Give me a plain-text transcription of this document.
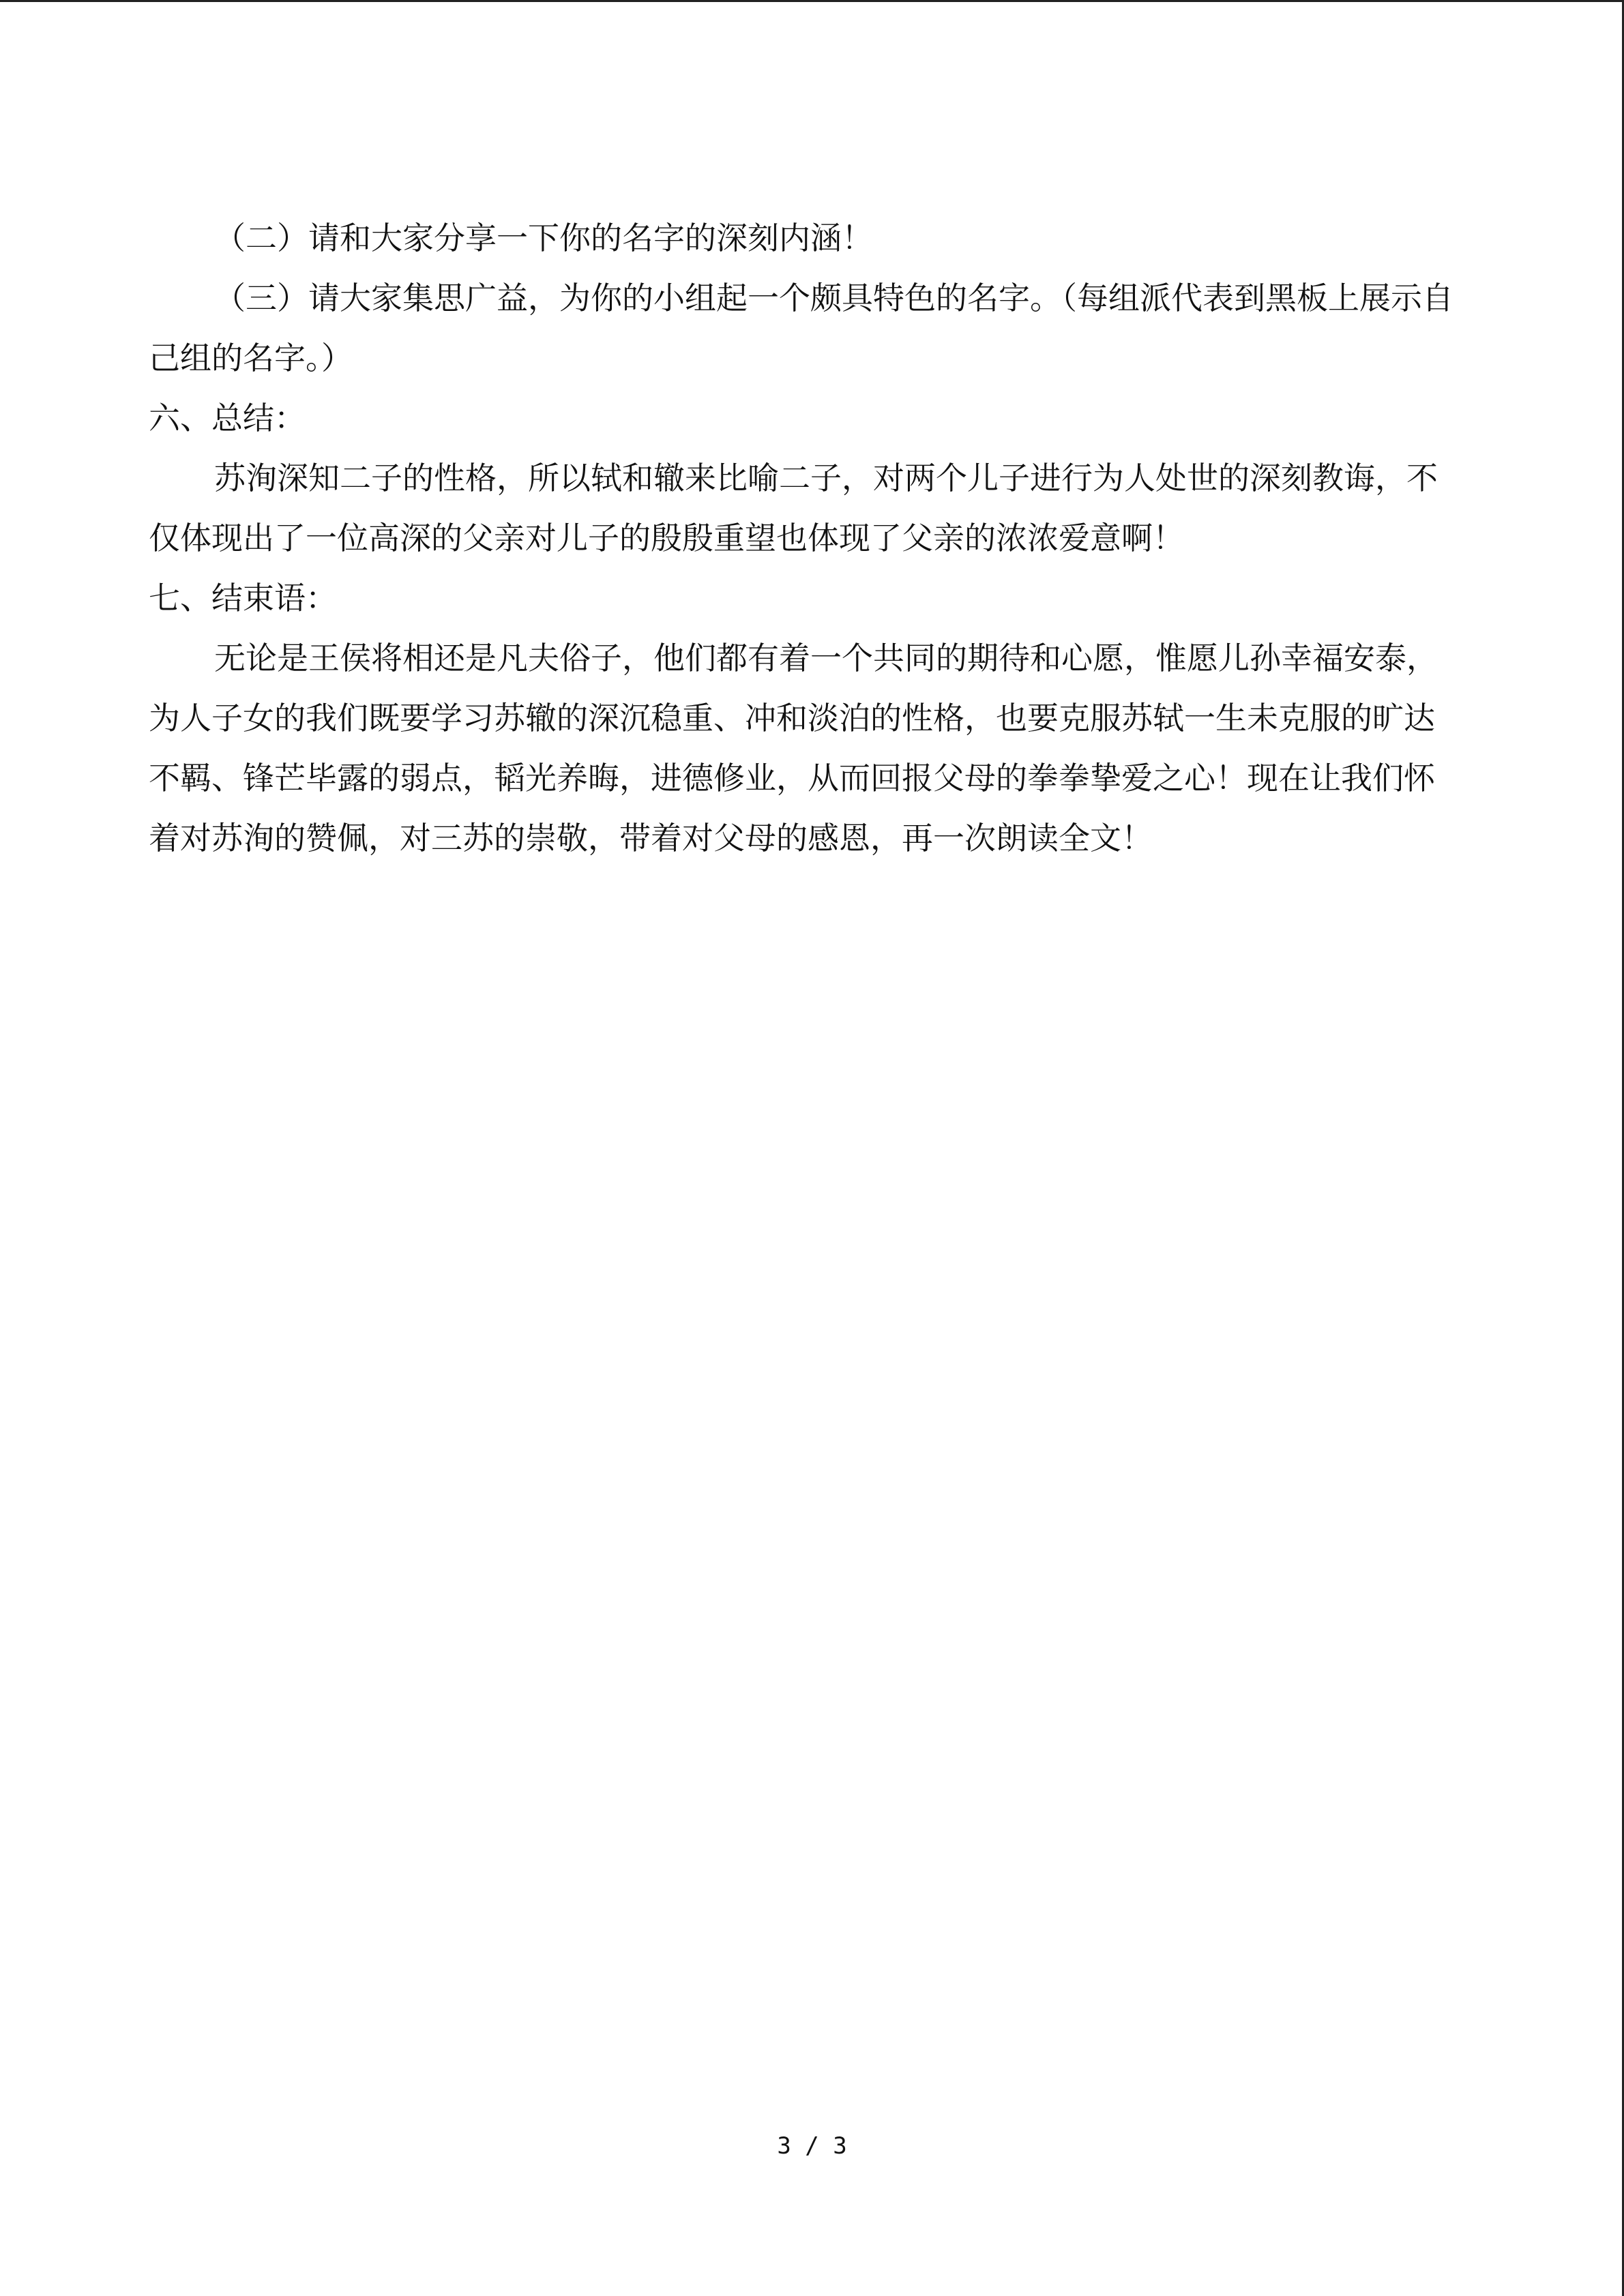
（二）请和大家分享一下你的名字的深刻内涵！

（三）请大家集思广益，为你的小组起一个颇具特色的名字。（每组派代表到黑板上展示自己组的名字。）

六、总结：

苏洵深知二子的性格，所以轼和辙来比喻二子，对两个儿子进行为人处世的深刻教诲，不仅体现出了一位高深的父亲对儿子的殷殷重望也体现了父亲的浓浓爱意啊！

七、结束语：

无论是王侯将相还是凡夫俗子，他们都有着一个共同的期待和心愿，惟愿儿孙幸福安泰，为人子女的我们既要学习苏辙的深沉稳重、冲和淡泊的性格，也要克服苏轼一生未克服的旷达不羁、锋芒毕露的弱点，韬光养晦，进德修业，从而回报父母的拳拳挚爱之心！现在让我们怀着对苏洵的赞佩，对三苏的崇敬，带着对父母的感恩，再一次朗读全文！

3 / 3
